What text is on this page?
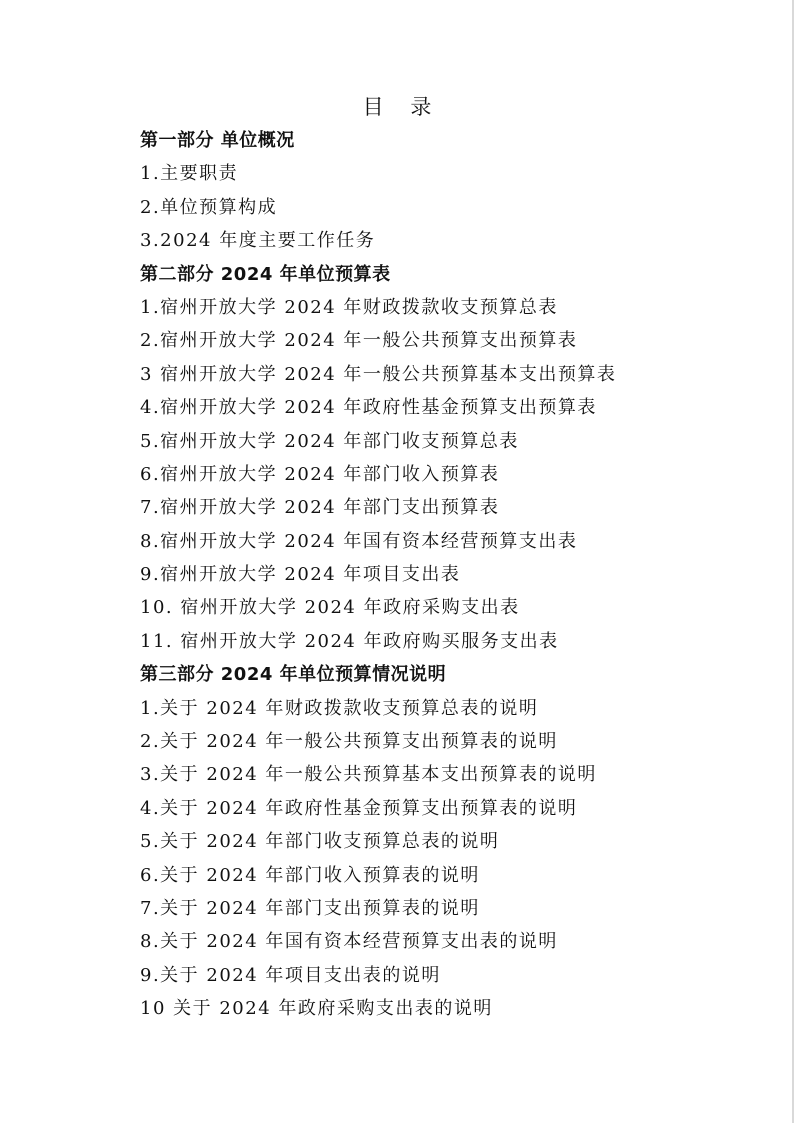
目 录
第一部分 单位概况
1.主要职责
2.单位预算构成
3.2024 年度主要工作任务
第二部分 2024 年单位预算表
1.宿州开放大学 2024 年财政拨款收支预算总表
2.宿州开放大学 2024 年一般公共预算支出预算表
3 宿州开放大学 2024 年一般公共预算基本支出预算表
4.宿州开放大学 2024 年政府性基金预算支出预算表
5.宿州开放大学 2024 年部门收支预算总表
6.宿州开放大学 2024 年部门收入预算表
7.宿州开放大学 2024 年部门支出预算表
8.宿州开放大学 2024 年国有资本经营预算支出表
9.宿州开放大学 2024 年项目支出表
10. 宿州开放大学 2024 年政府采购支出表
11. 宿州开放大学 2024 年政府购买服务支出表
第三部分 2024 年单位预算情况说明
1.关于 2024 年财政拨款收支预算总表的说明
2.关于 2024 年一般公共预算支出预算表的说明
3.关于 2024 年一般公共预算基本支出预算表的说明
4.关于 2024 年政府性基金预算支出预算表的说明
5.关于 2024 年部门收支预算总表的说明
6.关于 2024 年部门收入预算表的说明
7.关于 2024 年部门支出预算表的说明
8.关于 2024 年国有资本经营预算支出表的说明
9.关于 2024 年项目支出表的说明
10 关于 2024 年政府采购支出表的说明
